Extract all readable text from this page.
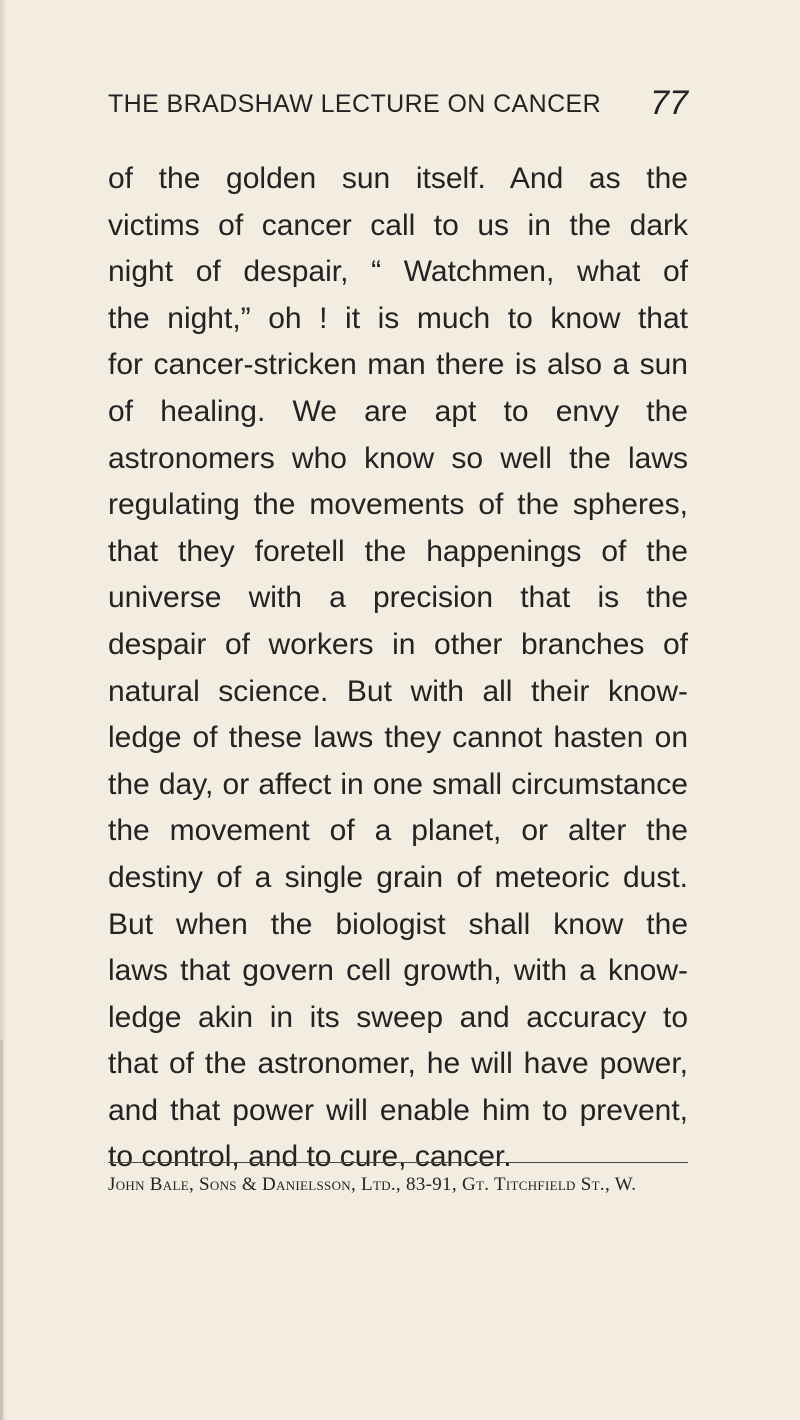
THE BRADSHAW LECTURE ON CANCER 77
of the golden sun itself. And as the
victims of cancer call to us in the dark
night of despair, “ Watchmen, what of
the night,” oh ! it is much to know that
for cancer-stricken man there is also a sun
of healing. We are apt to envy the
astronomers who know so well the laws
regulating the movements of the spheres,
that they foretell the happenings of the
universe with a precision that is the
despair of workers in other branches of
natural science. But with all their know-
ledge of these laws they cannot hasten on
the day, or affect in one small circumstance
the movement of a planet, or alter the
destiny of a single grain of meteoric dust.
But when the biologist shall know the
laws that govern cell growth, with a know-
ledge akin in its sweep and accuracy to
that of the astronomer, he will have power,
and that power will enable him to prevent,
to control, and to cure, cancer.
John Bale, Sons & Danielsson, Ltd., 83-91, Gt. Titchfield St., W.
